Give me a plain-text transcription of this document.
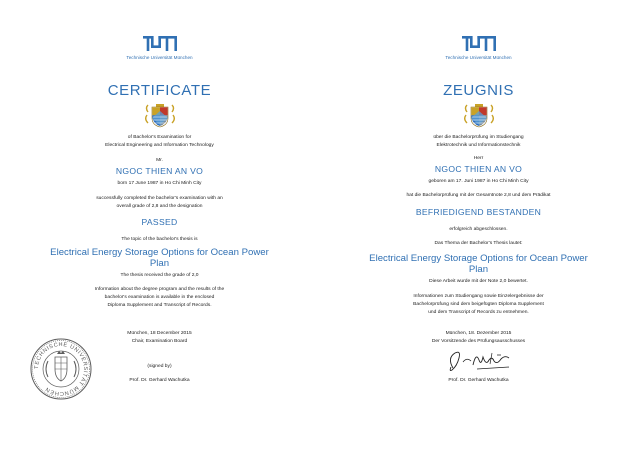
Technische Universität München
CERTIFICATE
of Bachelor's Examination for
Electrical Engineering and Information Technology
Mr.
NGOC THIEN AN VO
born 17 June 1987 in Ho Chi Minh City
successfully completed the bachelor's examination with an
overall grade of 2,8 and the designation
PASSED
The topic of the bachelor's thesis is
Electrical Energy Storage Options for Ocean Power
Plan
The thesis received the grade of 2,0
Information about the degree program and the results of the
bachelor's examination is available in the enclosed
Diploma Supplement and Transcript of Records.
München, 18 December 2015
Chair, Examination Board
(signed by)
Prof. Dr. Gerhard Wachutka
TECHNISCHE UNIVERSITÄT MÜNCHEN
Technische Universität München
ZEUGNIS
über die Bachelorprüfung im Studiengang
Elektrotechnik und Informationstechnik
Herr
NGOC THIEN AN VO
geboren am 17. Juni 1987 in Ho Chi Minh City
hat die Bachelorprüfung mit der Gesamtnote 2,8 und dem Prädikat
BEFRIEDIGEND BESTANDEN
erfolgreich abgeschlossen.
Das Thema der Bachelor's Thesis lautet:
Electrical Energy Storage Options for Ocean Power
Plan
Diese Arbeit wurde mit der Note 2,0 bewertet.
Informationen zum Studiengang sowie Einzelergebnisse der
Bachelorprüfung sind dem beigefügten Diploma Supplement
und dem Transcript of Records zu entnehmen.
München, 18. Dezember 2015
Der Vorsitzende des Prüfungsausschusses
Prof. Dr. Gerhard Wachutka
